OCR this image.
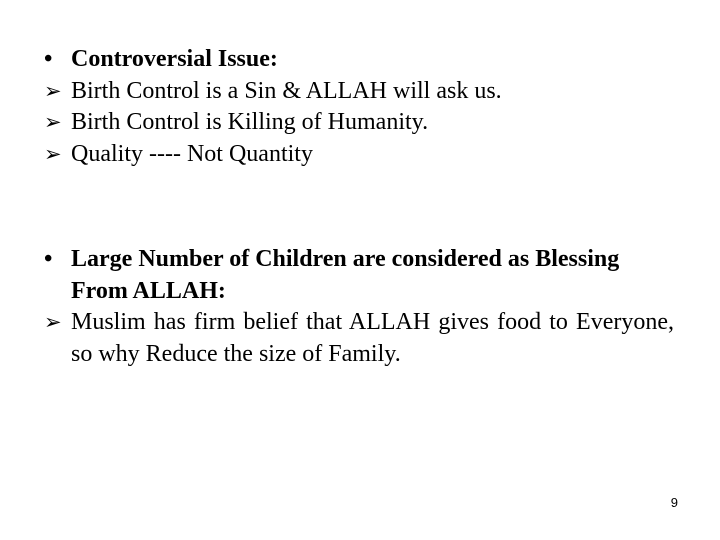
• Controversial Issue:
➢ Birth Control is a Sin & ALLAH will ask us.
➢ Birth Control is Killing of Humanity.
➢ Quality ---- Not Quantity
• Large Number of Children are considered as Blessing From ALLAH:
➢ Muslim has firm belief that ALLAH gives food to Everyone, so why Reduce the size of Family.
9
